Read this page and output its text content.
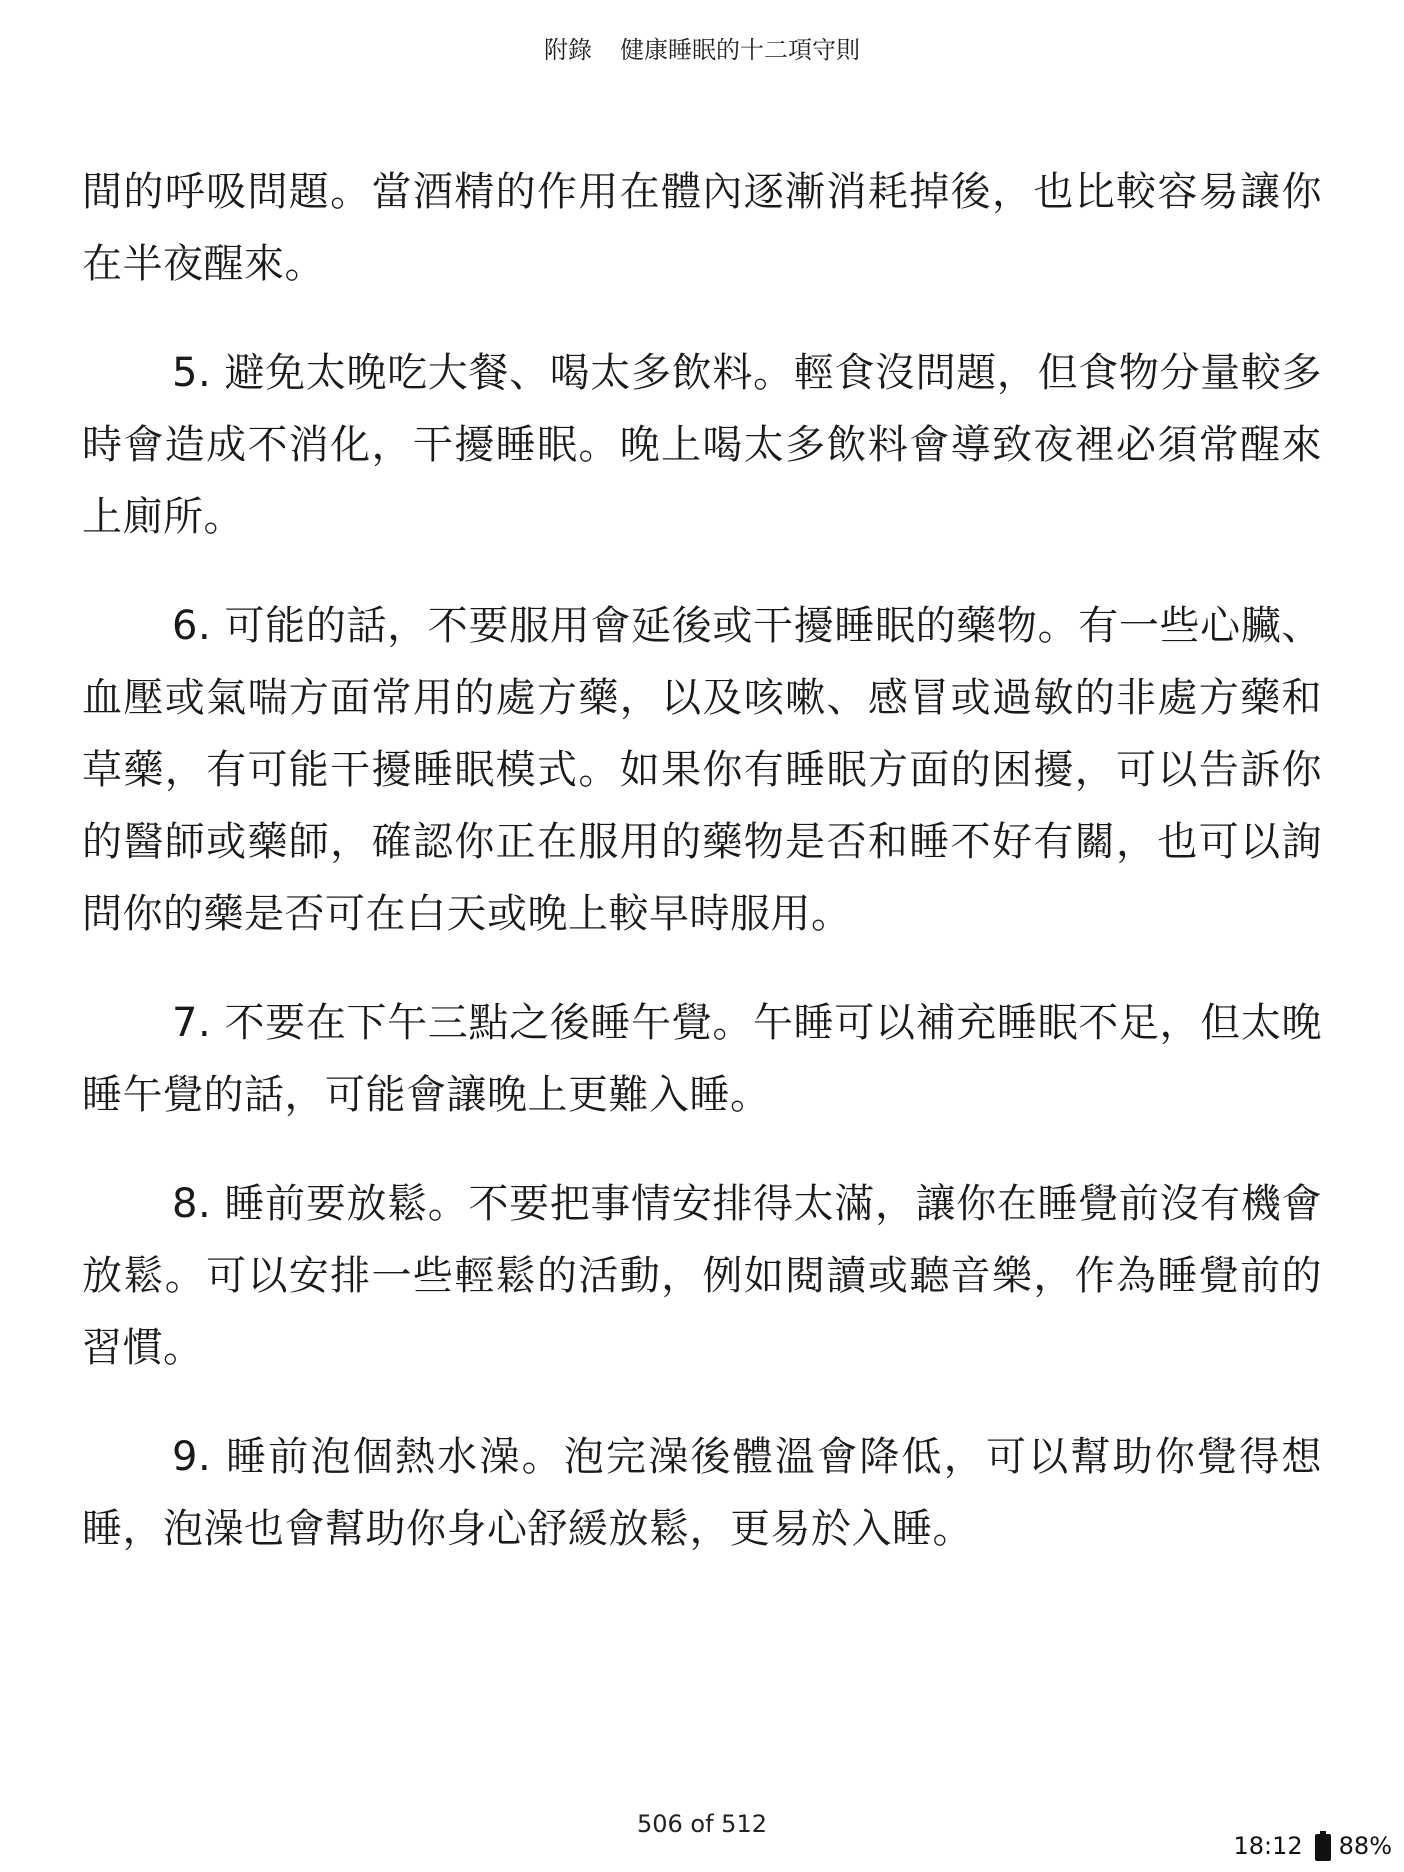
附錄 健康睡眠的十二項守則

間的呼吸問題。當酒精的作用在體內逐漸消耗掉後，也比較容易讓你在半夜醒來。

5. 避免太晚吃大餐、喝太多飲料。輕食沒問題，但食物分量較多時會造成不消化，干擾睡眠。晚上喝太多飲料會導致夜裡必須常醒來上廁所。

6. 可能的話，不要服用會延後或干擾睡眠的藥物。有一些心臟、血壓或氣喘方面常用的處方藥，以及咳嗽、感冒或過敏的非處方藥和草藥，有可能干擾睡眠模式。如果你有睡眠方面的困擾，可以告訴你的醫師或藥師，確認你正在服用的藥物是否和睡不好有關，也可以詢問你的藥是否可在白天或晚上較早時服用。

7. 不要在下午三點之後睡午覺。午睡可以補充睡眠不足，但太晚睡午覺的話，可能會讓晚上更難入睡。

8. 睡前要放鬆。不要把事情安排得太滿，讓你在睡覺前沒有機會放鬆。可以安排一些輕鬆的活動，例如閱讀或聽音樂，作為睡覺前的習慣。

9. 睡前泡個熱水澡。泡完澡後體溫會降低，可以幫助你覺得想睡，泡澡也會幫助你身心舒緩放鬆，更易於入睡。

506 of 512
18:12 88%
